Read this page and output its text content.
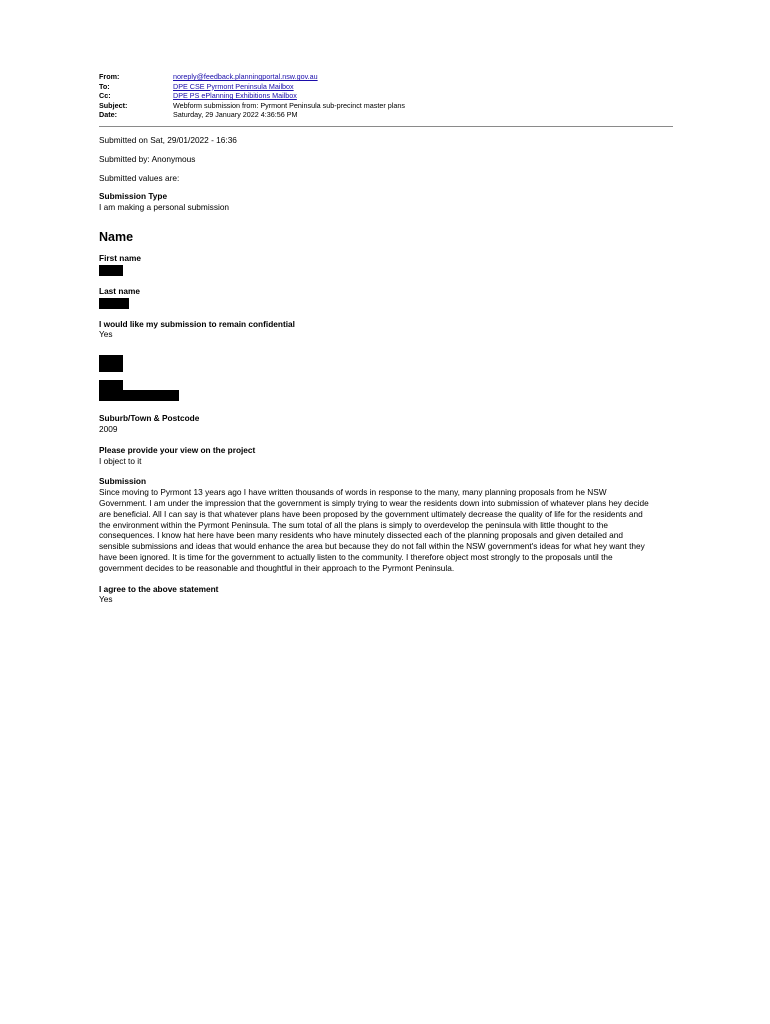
From:	noreply@feedback.planningportal.nsw.gov.au
To:	DPE CSE Pyrmont Peninsula Mailbox
Cc:	DPE PS ePlanning Exhibitions Mailbox
Subject:	Webform submission from: Pyrmont Peninsula sub-precinct master plans
Date:	Saturday, 29 January 2022 4:36:56 PM

Submitted on Sat, 29/01/2022 - 16:36

Submitted by: Anonymous

Submitted values are:

Submission Type

I am making a personal submission

Name

First name

Last name

I would like my submission to remain confidential

Yes

Suburb/Town & Postcode

2009

Please provide your view on the project

I object to it

Submission

Since moving to Pyrmont 13 years ago I have written thousands of words in response to the many, many planning proposals from he NSW
Government. I am under the impression that the government is simply trying to wear the residents down into submission of whatever plans hey decide
are beneficial. All I can say is that whatever plans have been proposed by the government ultimately decrease the quality of life for the residents and
the environment within the Pyrmont Peninsula. The sum total of all the plans is simply to overdevelop the peninsula with little thought to the
consequences. I know hat here have been many residents who have minutely dissected each of the planning proposals and given detailed and
sensible submissions and ideas that would enhance the area but because they do not fall within the NSW government's ideas for what hey want they
have been ignored. It is time for the government to actually listen to the community. I therefore object most strongly to the proposals until the
government decides to be reasonable and thoughtful in their approach to the Pyrmont Peninsula.

I agree to the above statement

Yes
